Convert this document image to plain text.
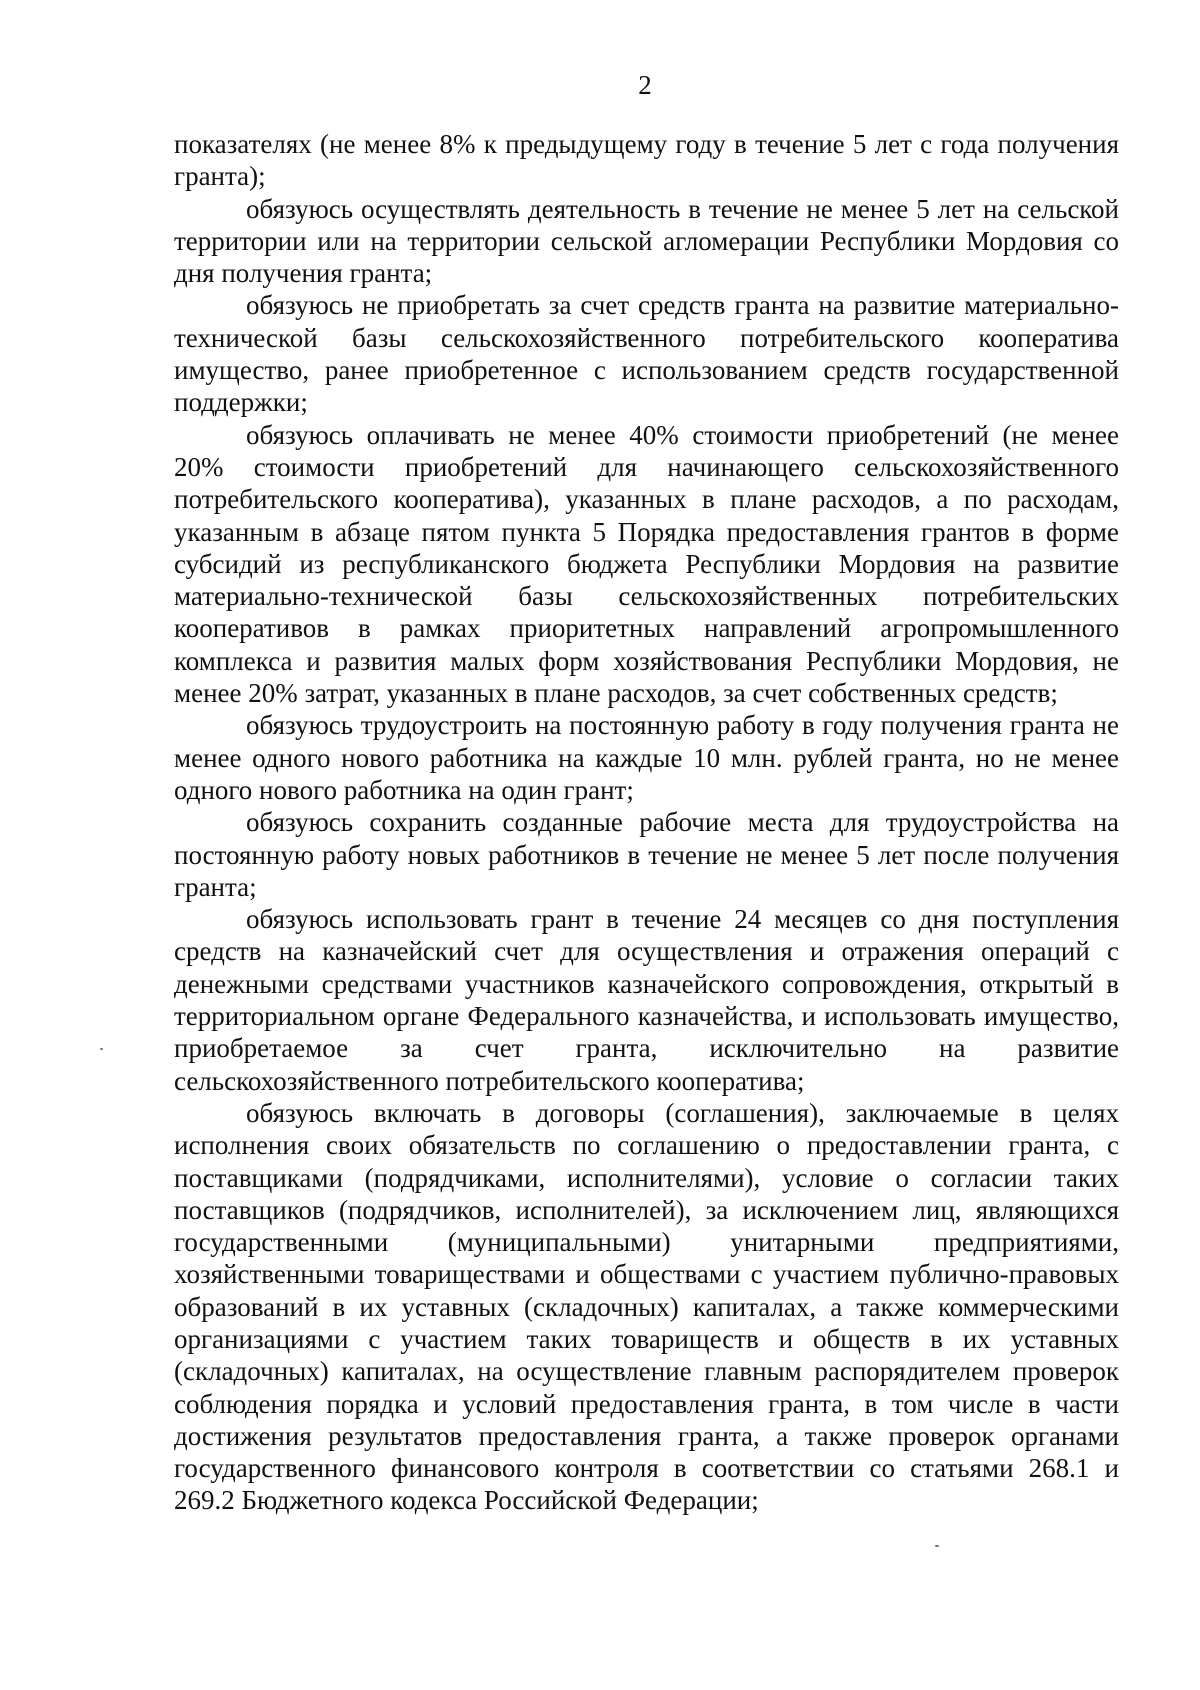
2

показателях (не менее 8% к предыдущему году в течение 5 лет с года получения гранта);

обязуюсь осуществлять деятельность в течение не менее 5 лет на сельской территории или на территории сельской агломерации Республики Мордовия со дня получения гранта;

обязуюсь не приобретать за счет средств гранта на развитие материально-технической базы сельскохозяйственного потребительского кооператива имущество, ранее приобретенное с использованием средств государственной поддержки;

обязуюсь оплачивать не менее 40% стоимости приобретений (не менее 20% стоимости приобретений для начинающего сельскохозяйственного потребительского кооператива), указанных в плане расходов, а по расходам, указанным в абзаце пятом пункта 5 Порядка предоставления грантов в форме субсидий из республиканского бюджета Республики Мордовия на развитие материально-технической базы сельскохозяйственных потребительских кооперативов в рамках приоритетных направлений агропромышленного комплекса и развития малых форм хозяйствования Республики Мордовия, не менее 20% затрат, указанных в плане расходов, за счет собственных средств;

обязуюсь трудоустроить на постоянную работу в году получения гранта не менее одного нового работника на каждые 10 млн. рублей гранта, но не менее одного нового работника на один грант;

обязуюсь сохранить созданные рабочие места для трудоустройства на постоянную работу новых работников в течение не менее 5 лет после получения гранта;

обязуюсь использовать грант в течение 24 месяцев со дня поступления средств на казначейский счет для осуществления и отражения операций с денежными средствами участников казначейского сопровождения, открытый в территориальном органе Федерального казначейства, и использовать имущество, приобретаемое за счет гранта, исключительно на развитие сельскохозяйственного потребительского кооператива;

обязуюсь включать в договоры (соглашения), заключаемые в целях исполнения своих обязательств по соглашению о предоставлении гранта, с поставщиками (подрядчиками, исполнителями), условие о согласии таких поставщиков (подрядчиков, исполнителей), за исключением лиц, являющихся государственными (муниципальными) унитарными предприятиями, хозяйственными товариществами и обществами с участием публично-правовых образований в их уставных (складочных) капиталах, а также коммерческими организациями с участием таких товариществ и обществ в их уставных (складочных) капиталах, на осуществление главным распорядителем проверок соблюдения порядка и условий предоставления гранта, в том числе в части достижения результатов предоставления гранта, а также проверок органами государственного финансового контроля в соответствии со статьями 268.1 и 269.2 Бюджетного кодекса Российской Федерации;
